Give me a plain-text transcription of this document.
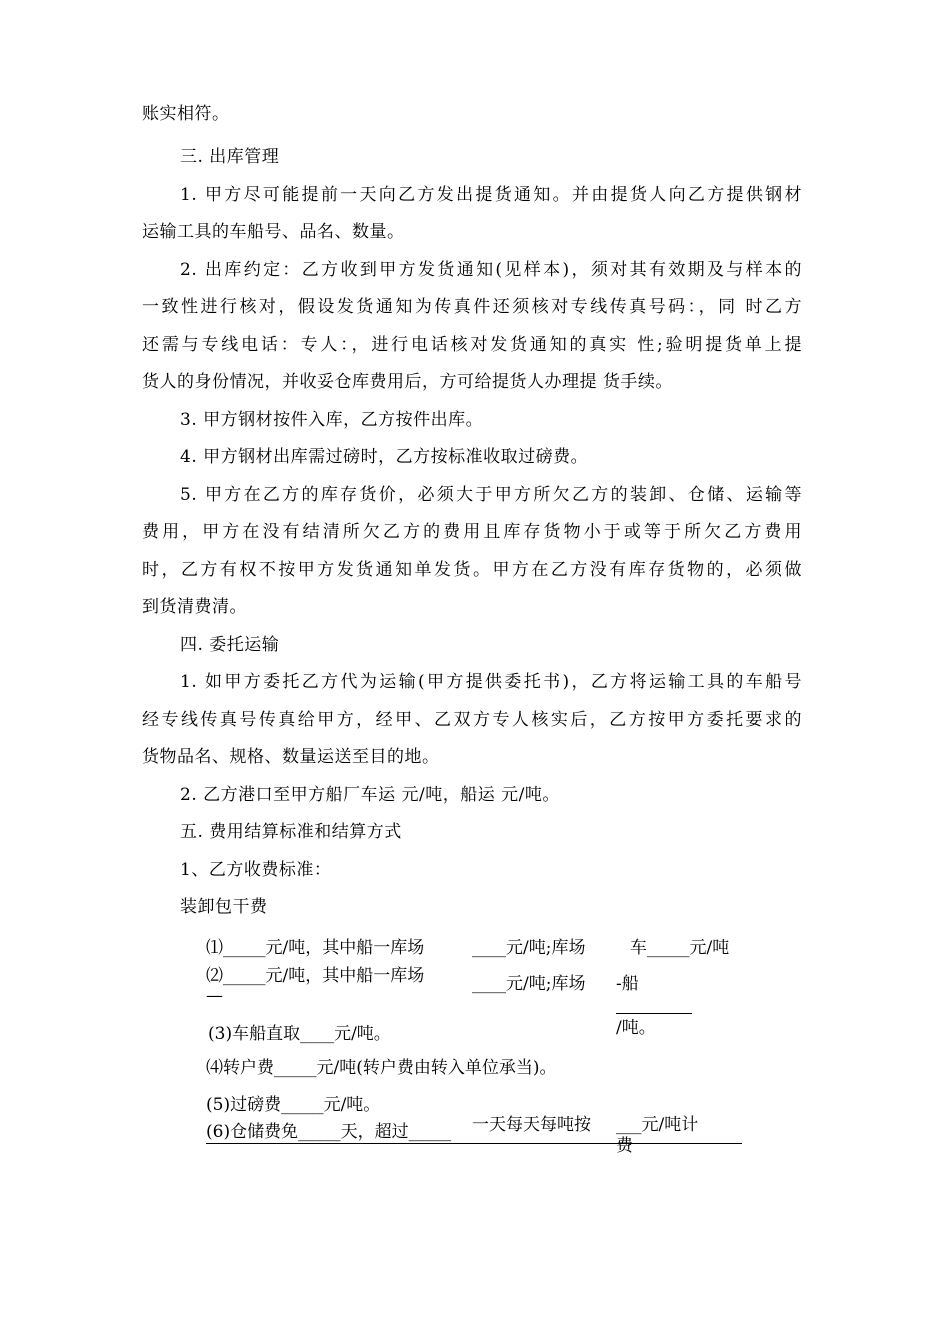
账实相符。
三. 出库管理
1. 甲方尽可能提前一天向乙方发出提货通知。并由提货人向乙方提供钢材
运输工具的车船号、品名、数量。
2. 出库约定：乙方收到甲方发货通知(见样本)，须对其有效期及与样本的
一致性进行核对，假设发货通知为传真件还须核对专线传真号码：，同 时乙方
还需与专线电话：专人：，进行电话核对发货通知的真实 性;验明提货单上提
货人的身份情况，并收妥仓库费用后，方可给提货人办理提 货手续。
3. 甲方钢材按件入库，乙方按件出库。
4. 甲方钢材出库需过磅时，乙方按标准收取过磅费。
5. 甲方在乙方的库存货价，必须大于甲方所欠乙方的装卸、仓储、运输等
费用，甲方在没有结清所欠乙方的费用且库存货物小于或等于所欠乙方费用
时，乙方有权不按甲方发货通知单发货。甲方在乙方没有库存货物的，必须做
到货清费清。
四. 委托运输
1. 如甲方委托乙方代为运输(甲方提供委托书)，乙方将运输工具的车船号
经专线传真号传真给甲方，经甲、乙双方专人核实后，乙方按甲方委托要求的
货物品名、规格、数量运送至目的地。
2. 乙方港口至甲方船厂车运 元/吨，船运 元/吨。
五. 费用结算标准和结算方式
1、乙方收费标准：
装卸包干费
⑴_____元/吨，其中船一库场	____元/吨;库场	车_____元/吨
⑵_____元/吨，其中船一库场
—
____元/吨;库场 -船
/吨。
(3)车船直取____元/吨。
⑷转户费_____元/吨(转户费由转入单位承当)。
(5)过磅费_____元/吨。
(6)仓储费免_____天，超过_____ 一天每天每吨按 ___元/吨计
费
